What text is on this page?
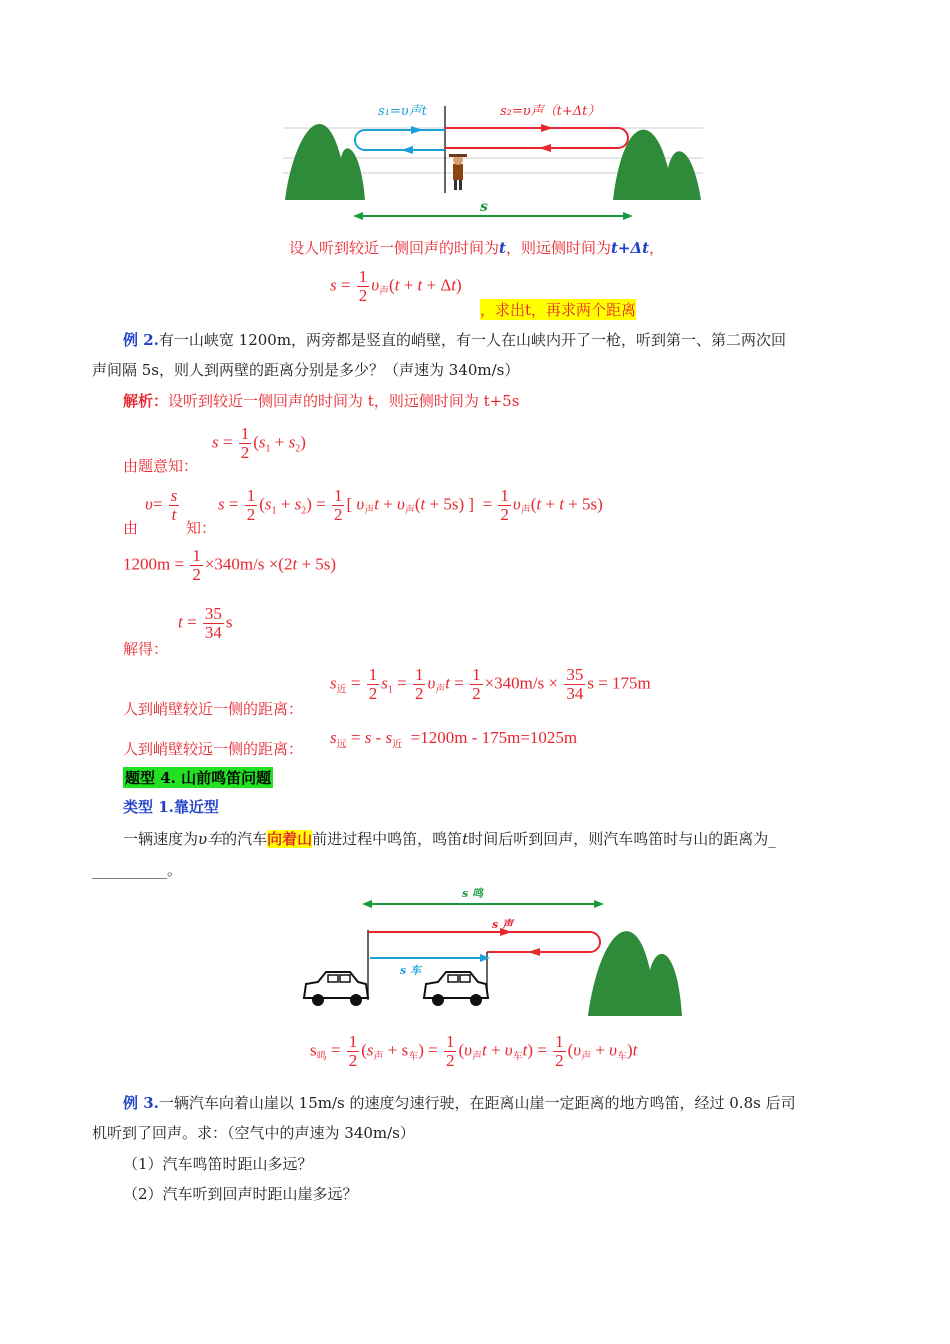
s₁=υ声t	s₂=υ声（t+Δt）
s
设人听到较近一侧回声的时间为t，则远侧时间为t+Δt，
$s = \frac{1}{2} \upsilon_声(t + t + \Delta t)$
，求出t，再求两个距离
例 2.有一山峡宽 1200m，两旁都是竖直的峭壁，有一人在山峡内开了一枪，听到第一、第二两次回
声间隔 5s，则人到两壁的距离分别是多少？（声速为 340m/s）
解析：设听到较近一侧回声的时间为 t，则远侧时间为 t+5s
由题意知：
$s = \frac{1}{2} (s_1 + s_2)$
由
$\upsilon= \frac{s}{t}$
知：
$s = \frac{1}{2} (s_1 + s_2) = \frac{1}{2}$ [ $\upsilon_声t + \upsilon_声(t + 5s)$ ]  = $\frac{1}{2} \upsilon_声(t + t + 5s)$
$1200m = \frac{1}{2} \times 340m/s \times(2t + 5s)$
解得：
$t = \frac{35}{34}$ s
人到峭壁较近一侧的距离：
$s_近 = \frac{1}{2} s_1 = \frac{1}{2} \upsilon_声t = \frac{1}{2} \times 340m/s \times \frac{35}{34}$ s = 175m
人到峭壁较远一侧的距离：
$s_远 = s - s_近 =1200m - 175m=1025m$
题型 4. 山前鸣笛问题
类型 1.靠近型
一辆速度为υ车的汽车向着山前进过程中鸣笛，鸣笛t时间后听到回声，则汽车鸣笛时与山的距离为_
__________。
s 鸣
s 声
s 车
$s_鸣 = \frac{1}{2} (s_声 + s_车) = \frac{1}{2} (\upsilon_声t + \upsilon_车t) = \frac{1}{2} (\upsilon_声 + \upsilon_车)t$
例 3.一辆汽车向着山崖以 15m/s 的速度匀速行驶，在距离山崖一定距离的地方鸣笛，经过 0.8s 后司
机听到了回声。求：（空气中的声速为 340m/s）
（1）汽车鸣笛时距山多远？
（2）汽车听到回声时距山崖多远？
